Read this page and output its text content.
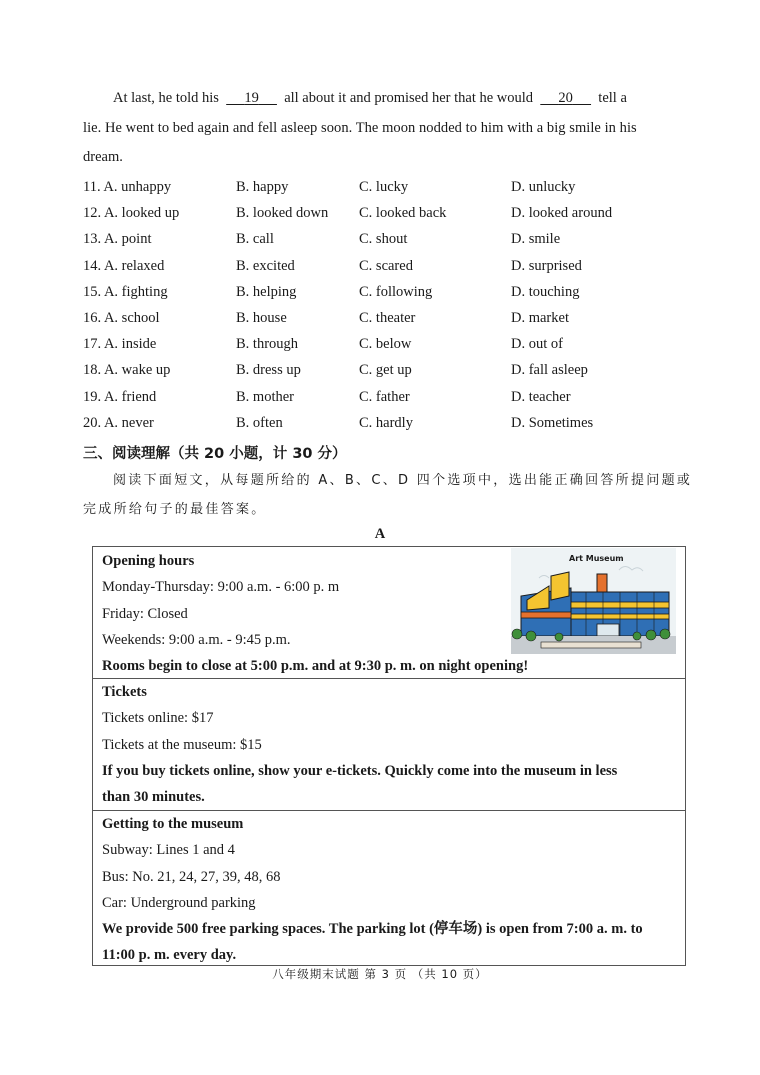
At last, he told his 19 all about it and promised her that he would 20 tell a
lie. He went to bed again and fell asleep soon. The moon nodded to him with a big smile in his
dream.
11. A. unhappy	B. happy	C. lucky	D. unlucky
12. A. looked up	B. looked down C. looked back	D. looked around
13. A. point	B. call	C. shout	D. smile
14. A. relaxed	B. excited	C. scared	D. surprised
15. A. fighting	B. helping	C. following	D. touching
16. A. school	B. house	C. theater	D. market
17. A. inside	B. through	C. below	D. out of
18. A. wake up	B. dress up	C. get up	D. fall asleep
19. A. friend	B. mother	C. father	D. teacher
20. A. never	B. often	C. hardly	D. Sometimes
三、阅读理解（共 20 小题，计 30 分）
阅读下面短文，从每题所给的 A、B、C、D 四个选项中，选出能正确回答所提问题或
完成所给句子的最佳答案。
A
Opening hours
Monday-Thursday: 9:00 a.m. - 6:00 p. m
Friday: Closed
Weekends: 9:00 a.m. - 9:45 p.m.
Rooms begin to close at 5:00 p.m. and at 9:30 p. m. on night opening!
Art Museum
Tickets
Tickets online: $17
Tickets at the museum: $15
If you buy tickets online, show your e-tickets. Quickly come into the museum in less
than 30 minutes.
Getting to the museum
Subway: Lines 1 and 4
Bus: No. 21, 24, 27, 39, 48, 68
Car: Underground parking
We provide 500 free parking spaces. The parking lot (停车场) is open from 7:00 a. m. to
11:00 p. m. every day.
八年级期末试题 第 3 页 （共 10 页）
